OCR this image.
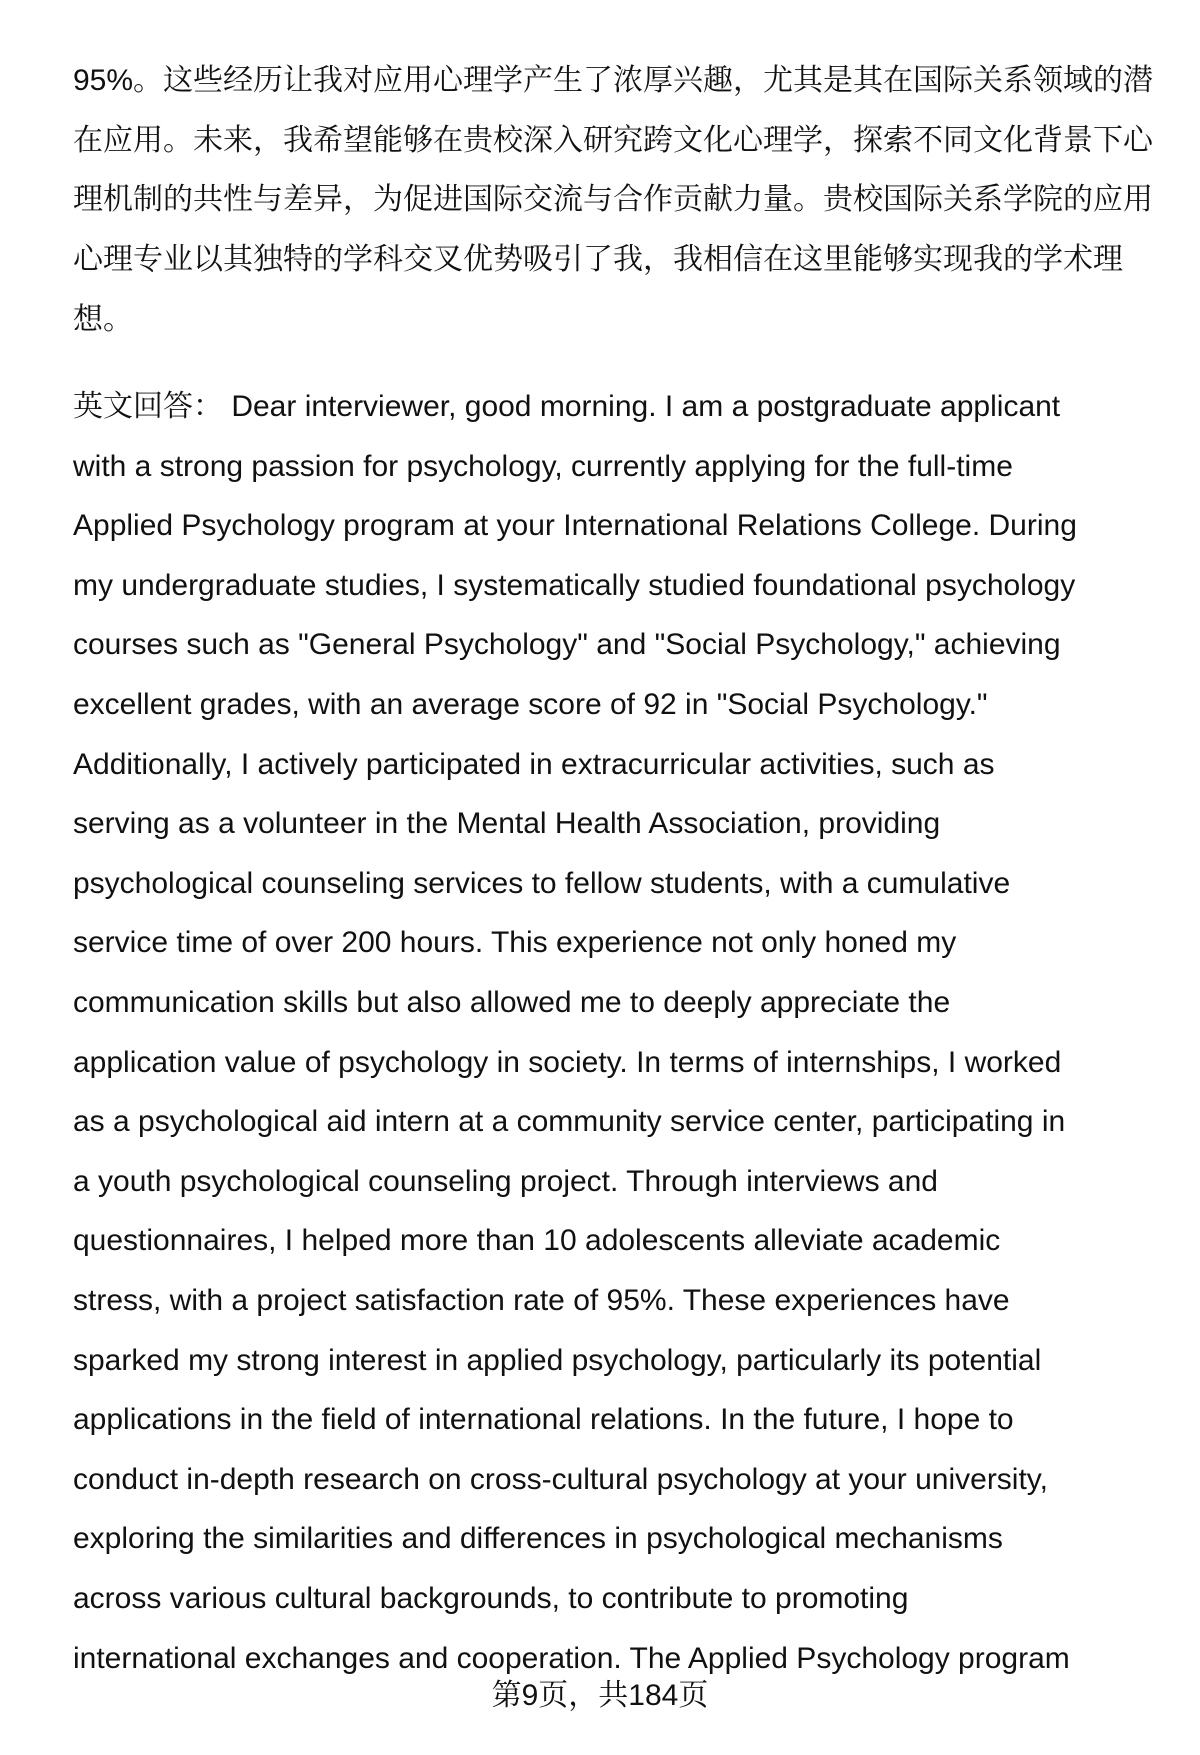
95%。这些经历让我对应用心理学产生了浓厚兴趣，尤其是其在国际关系领域的潜
在应用。未来，我希望能够在贵校深入研究跨文化心理学，探索不同文化背景下心
理机制的共性与差异，为促进国际交流与合作贡献力量。贵校国际关系学院的应用
心理专业以其独特的学科交叉优势吸引了我，我相信在这里能够实现我的学术理
想。
英文回答： Dear interviewer, good morning. I am a postgraduate applicant
with a strong passion for psychology, currently applying for the full-time
Applied Psychology program at your International Relations College. During
my undergraduate studies, I systematically studied foundational psychology
courses such as "General Psychology" and "Social Psychology," achieving
excellent grades, with an average score of 92 in "Social Psychology."
Additionally, I actively participated in extracurricular activities, such as
serving as a volunteer in the Mental Health Association, providing
psychological counseling services to fellow students, with a cumulative
service time of over 200 hours. This experience not only honed my
communication skills but also allowed me to deeply appreciate the
application value of psychology in society. In terms of internships, I worked
as a psychological aid intern at a community service center, participating in
a youth psychological counseling project. Through interviews and
questionnaires, I helped more than 10 adolescents alleviate academic
stress, with a project satisfaction rate of 95%. These experiences have
sparked my strong interest in applied psychology, particularly its potential
applications in the field of international relations. In the future, I hope to
conduct in-depth research on cross-cultural psychology at your university,
exploring the similarities and differences in psychological mechanisms
across various cultural backgrounds, to contribute to promoting
international exchanges and cooperation. The Applied Psychology program
第9页，共184页
